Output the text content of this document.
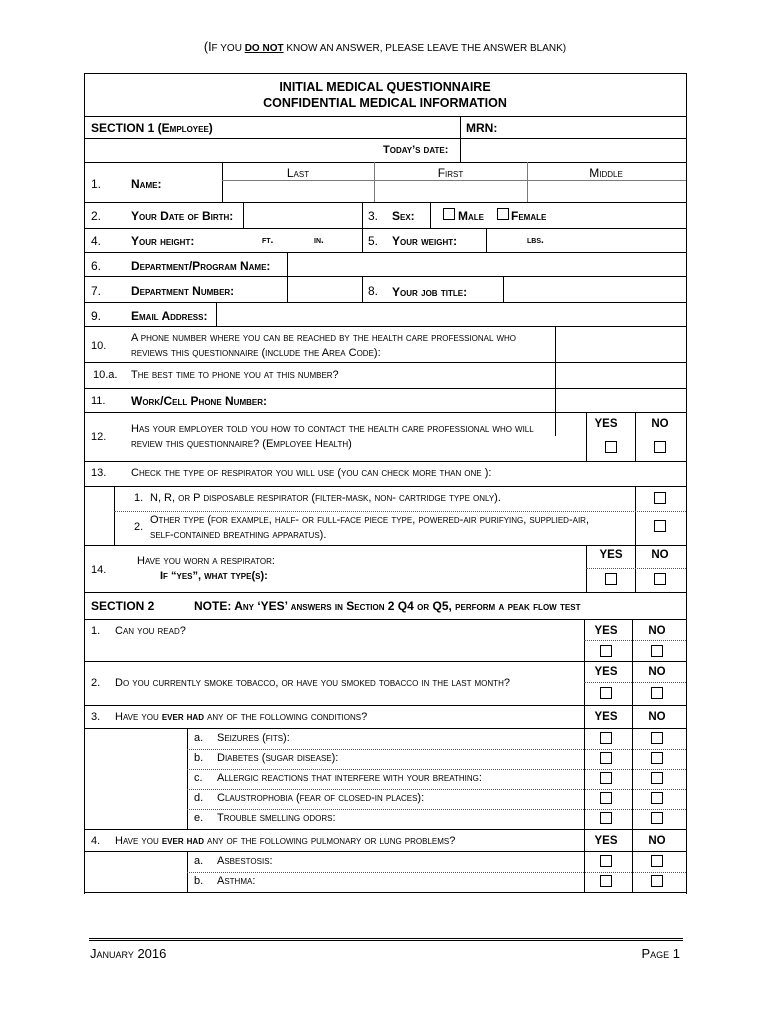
(IF YOU DO NOT KNOW AN ANSWER, PLEASE LEAVE THE ANSWER BLANK)
INITIAL MEDICAL QUESTIONNAIRE
CONFIDENTIAL MEDICAL INFORMATION
SECTION 1 (Employee)	MRN:
Today’s date:
Last	First	Middle
1. Name:
2. Your Date of Birth:	3. Sex:	Male Female
4. Your height:	ft.	in.	5. Your weight:	lbs.
6. Department/Program Name:
7. Department Number:	8. Your job title:
9. Email Address:
10.
A phone number where you can be reached by the health care professional who
reviews this questionnaire (include the Area Code):
10.a. The best time to phone you at this number?
11. Work/Cell Phone Number:
12.
Has your employer told you how to contact the health care professional who will
review this questionnaire? (Employee Health)
YES	NO
13. Check the type of respirator you will use (you can check more than one ):
1. N, R, or P disposable respirator (filter-mask, non- cartridge type only).
2.
Other type (for example, half- or full-face piece type, powered-air purifying, supplied-air,
self-contained breathing apparatus).
14.
Have you worn a respirator:
If “yes”, what type(s):
YES	NO
SECTION 2	NOTE: Any ‘YES’ answers in Section 2 Q4 or Q5, perform a peak flow test
1. Can you read?	YES	NO
2. Do you currently smoke tobacco, or have you smoked tobacco in the last month?
YES	NO
3. Have you ever had any of the following conditions?	YES	NO
a. Seizures (fits):
b. Diabetes (sugar disease):
c. Allergic reactions that interfere with your breathing:
d. Claustrophobia (fear of closed-in places):
e. Trouble smelling odors:
4. Have you ever had any of the following pulmonary or lung problems?	YES	NO
a. Asbestosis:
b. Asthma:
January 2016	Page 1
